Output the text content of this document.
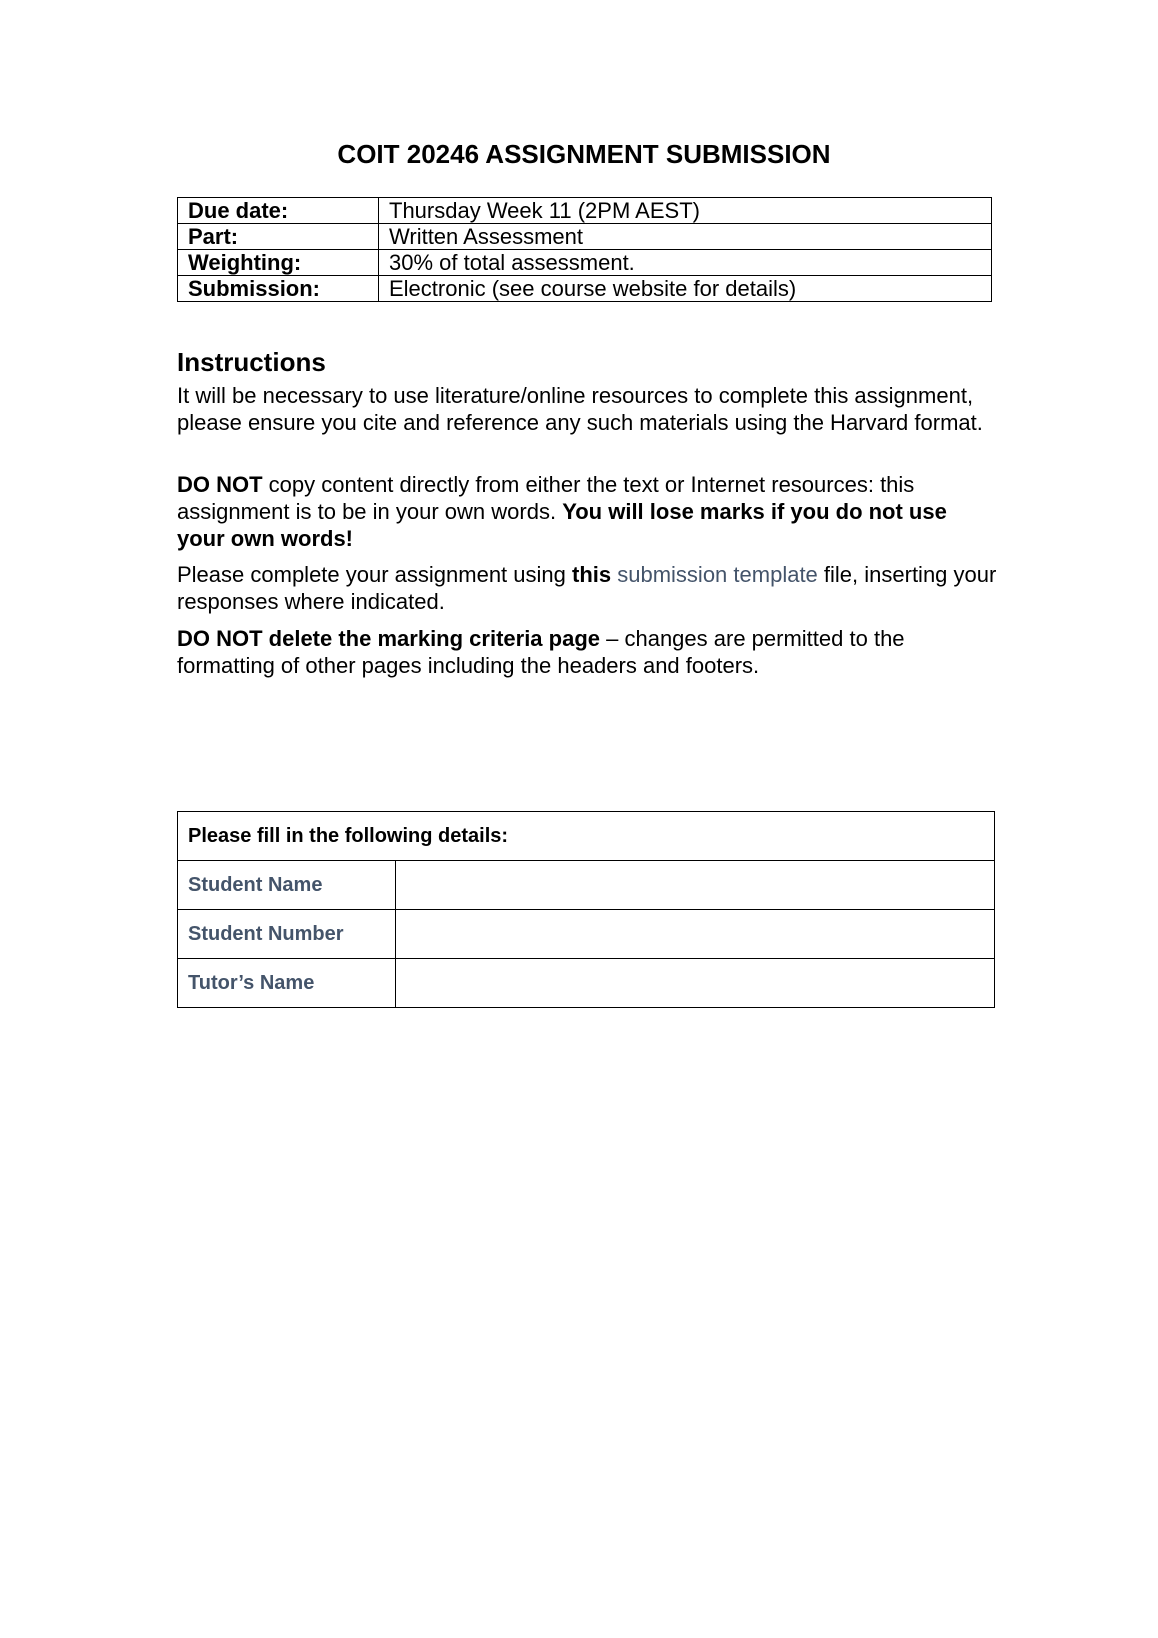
COIT 20246 ASSIGNMENT SUBMISSION
Due date:	Thursday Week 11 (2PM AEST)
Part:	Written Assessment
Weighting:	30% of total assessment.
Submission:	Electronic (see course website for details)
Instructions

It will be necessary to use literature/online resources to complete this assignment, please ensure you cite and reference any such materials using the Harvard format.

DO NOT copy content directly from either the text or Internet resources: this assignment is to be in your own words. You will lose marks if you do not use your own words!

Please complete your assignment using this submission template file, inserting your responses where indicated.

DO NOT delete the marking criteria page – changes are permitted to the formatting of other pages including the headers and footers.

Please fill in the following details:	
Student Name	
Student Number	
Tutor’s Name	
